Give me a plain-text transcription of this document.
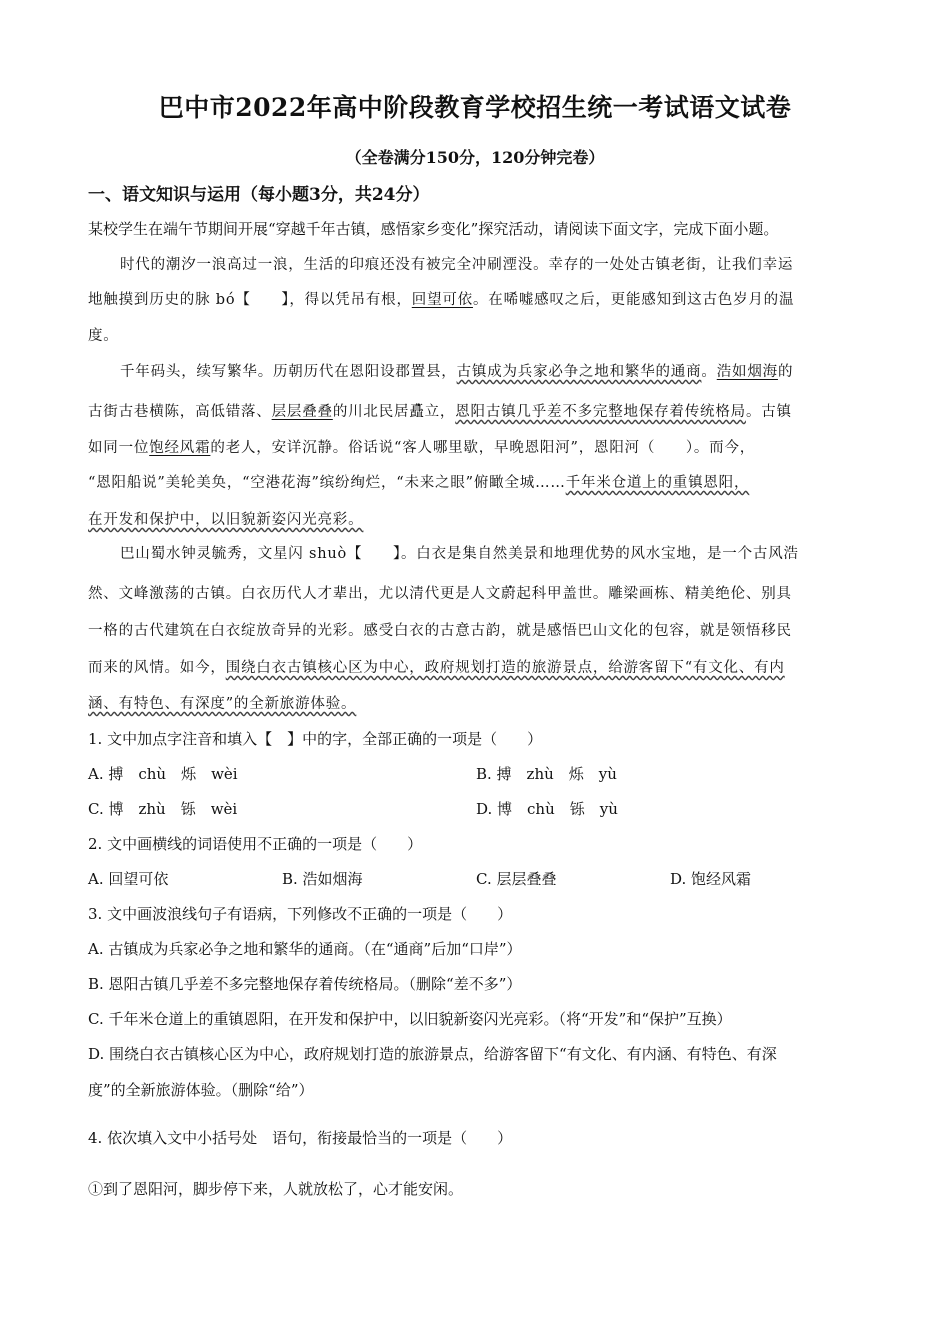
巴中市2022年高中阶段教育学校招生统一考试语文试卷
（全卷满分150分，120分钟完卷）
一、语文知识与运用（每小题3分，共24分）
某校学生在端午节期间开展“穿越千年古镇，感悟家乡变化”探究活动，请阅读下面文字，完成下面小题。
时代的潮汐一浪高过一浪，生活的印痕还没有被完全冲刷湮没。幸存的一处处古镇老街，让我们幸运
地触摸到历史的脉 bó【　　】，得以凭吊有根，回望可依。在唏嘘感叹之后，更能感知到这古色岁月的温
度。
千年码头，续写繁华。历朝历代在恩阳设郡置县，古镇成为兵家必争之地和繁华的通商。浩如烟海的
古街古巷横陈，高低错落、层层叠叠的川北民居矗立，恩阳古镇几乎差不多完整地保存着传统格局。古镇
如同一位饱经风霜的老人，安详沉静。俗话说“客人哪里歇，早晚恩阳河”，恩阳河（　　）。而今，
“恩阳船说”美轮美奂，“空港花海”缤纷绚烂，“未来之眼”俯瞰全城……千年米仓道上的重镇恩阳，
在开发和保护中，以旧貌新姿闪光亮彩。
巴山蜀水钟灵毓秀，文星闪 shuò【　　】。白衣是集自然美景和地理优势的风水宝地，是一个古风浩
然、文峰激荡的古镇。白衣历代人才辈出，尤以清代更是人文蔚起科甲盖世。雕梁画栋、精美绝伦、别具
一格的古代建筑在白衣绽放奇异的光彩。感受白衣的古意古韵，就是感悟巴山文化的包容，就是领悟移民
而来的风情。如今，围绕白衣古镇核心区为中心，政府规划打造的旅游景点，给游客留下“有文化、有内
涵、有特色、有深度”的全新旅游体验。
1. 文中加点字注音和填入【　】中的字，全部正确的一项是（　　）
A. 搏　chù　烁　wèi	B. 搏　zhù　烁　yù
C. 博　zhù　铄　wèi	D. 博　chù　铄　yù
2. 文中画横线的词语使用不正确的一项是（　　）
A. 回望可依	B. 浩如烟海	C. 层层叠叠	D. 饱经风霜
3. 文中画波浪线句子有语病，下列修改不正确的一项是（　　）
A. 古镇成为兵家必争之地和繁华的通商。（在“通商”后加“口岸”）
B. 恩阳古镇几乎差不多完整地保存着传统格局。（删除“差不多”）
C. 千年米仓道上的重镇恩阳，在开发和保护中，以旧貌新姿闪光亮彩。（将“开发”和“保护”互换）
D. 围绕白衣古镇核心区为中心，政府规划打造的旅游景点，给游客留下“有文化、有内涵、有特色、有深
度”的全新旅游体验。（删除“给”）
4. 依次填入文中小括号处　语句，衔接最恰当的一项是（　　）
①到了恩阳河，脚步停下来，人就放松了，心才能安闲。
